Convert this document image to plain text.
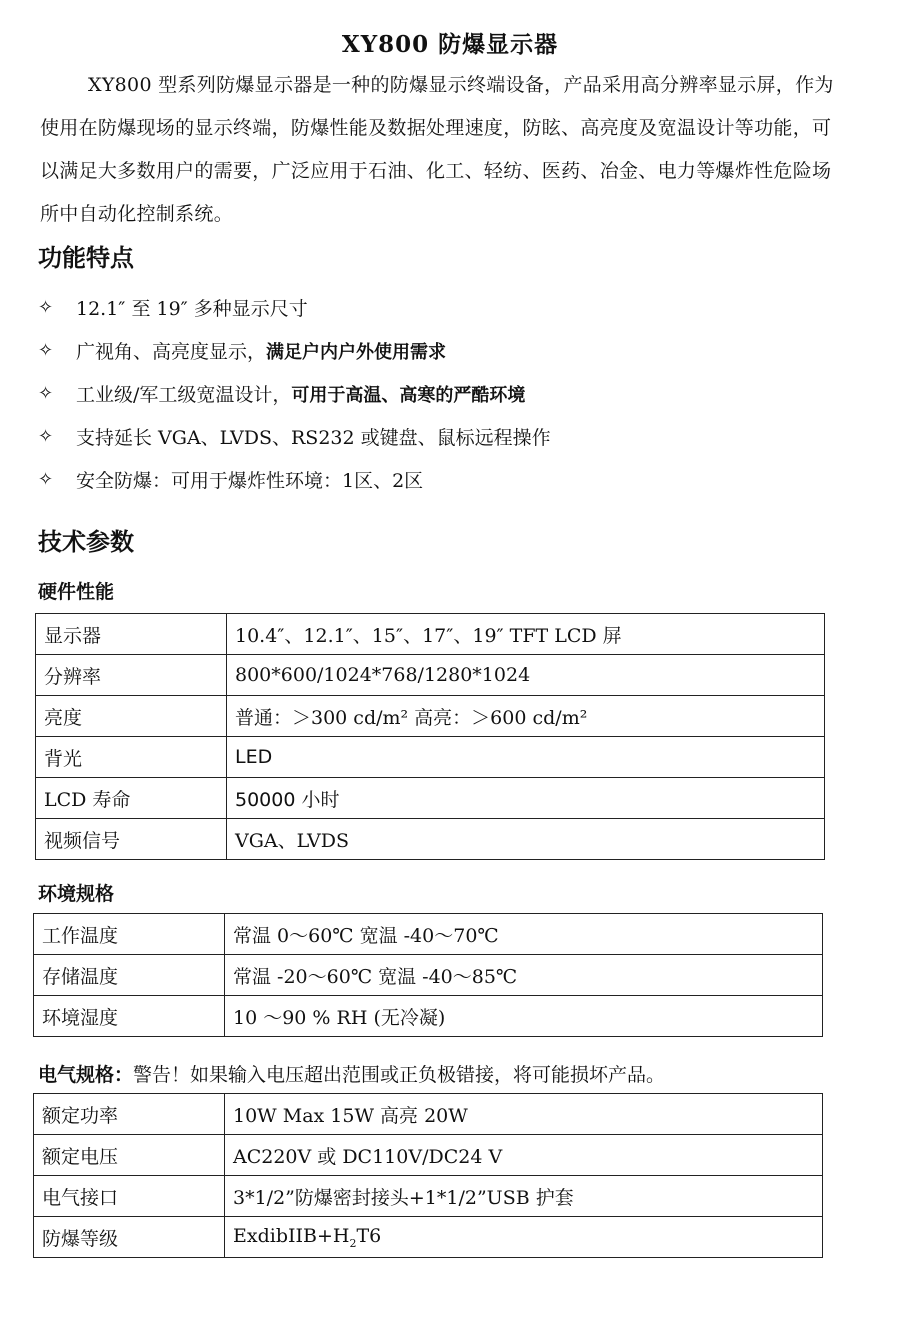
XY800 防爆显示器

XY800 型系列防爆显示器是一种的防爆显示终端设备，产品采用高分辨率显示屏，作为使用在防爆现场的显示终端，防爆性能及数据处理速度，防眩、高亮度及宽温设计等功能，可以满足大多数用户的需要，广泛应用于石油、化工、轻纺、医药、冶金、电力等爆炸性危险场所中自动化控制系统。

功能特点
✧	12.1″ 至 19″ 多种显示尺寸
✧	广视角、高亮度显示， 满足户内户外使用需求
✧	工业级/军工级宽温设计， 可用于高温、高寒的严酷环境
✧	支持延长 VGA、LVDS、RS232 或键盘、鼠标远程操作
✧	安全防爆：可用于爆炸性环境：1区、2区
技术参数
硬件性能
显示器	10.4″、12.1″、15″、17″、19″ TFT LCD 屏
分辨率	800*600/1024*768/1280*1024
亮度	普通：＞300 cd/m² 高亮：＞600 cd/m²
背光	LED
LCD 寿命	50000 小时
视频信号	VGA、LVDS
环境规格
工作温度	常温 0～60℃ 宽温 -40～70℃
存储温度	常温 -20～60℃ 宽温 -40～85℃
环境湿度	10 ～90 % RH (无冷凝)
电气规格：警告！如果输入电压超出范围或正负极错接，将可能损坏产品。
额定功率	10W Max 15W 高亮 20W
额定电压	AC220V 或 DC110V/DC24 V
电气接口	3*1/2”防爆密封接头+1*1/2”USB 护套
防爆等级	$ExdibIIB+H_2T6$
